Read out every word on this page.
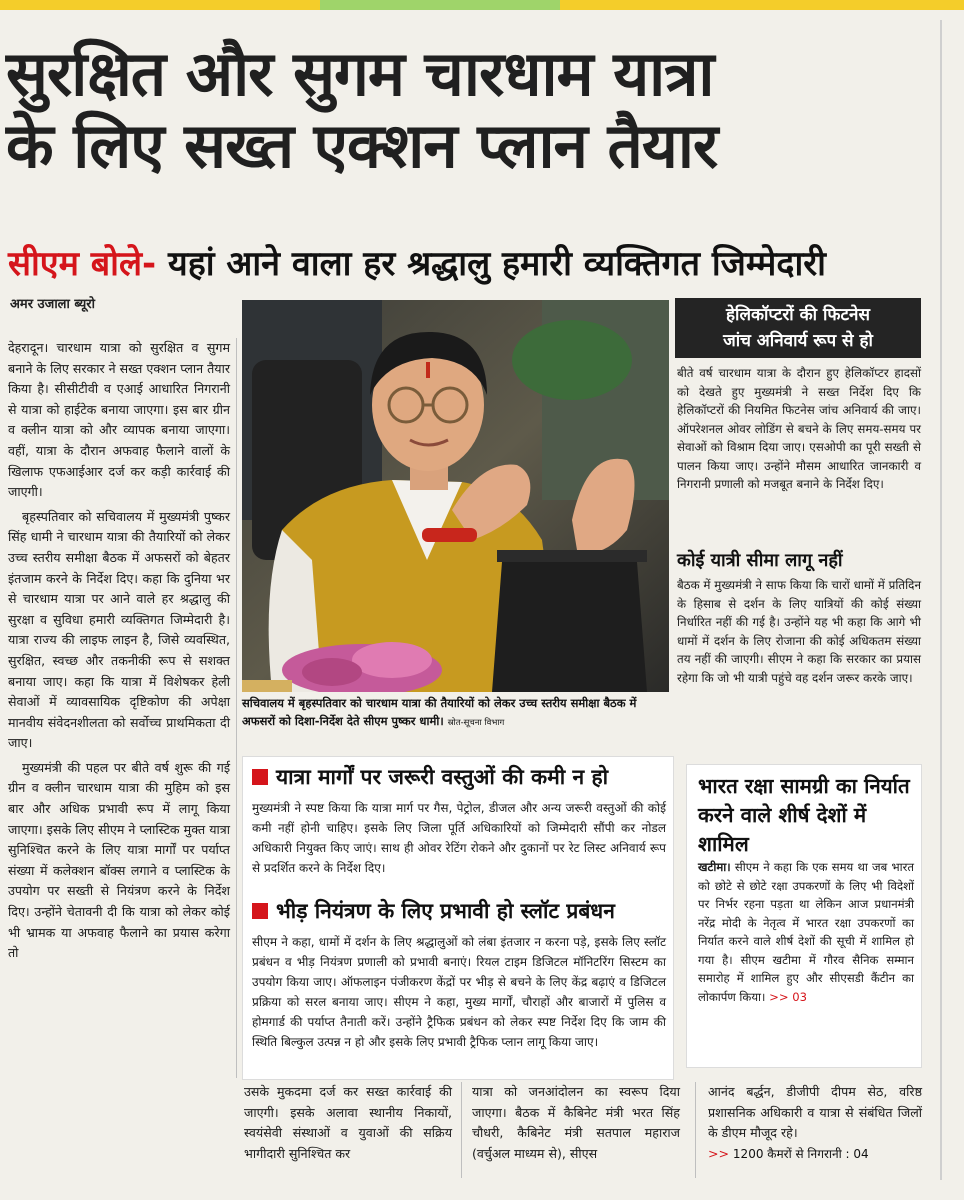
सुरक्षित और सुगम चारधाम यात्रा
के लिए सख्त एक्शन प्लान तैयार
सीएम बोले- यहां आने वाला हर श्रद्धालु हमारी व्यक्तिगत जिम्मेदारी
अमर उजाला ब्यूरो

देहरादून। चारधाम यात्रा को सुरक्षित व सुगम बनाने के लिए सरकार ने सख्त एक्शन प्लान तैयार किया है। सीसीटीवी व एआई आधारित निगरानी से यात्रा को हाईटेक बनाया जाएगा। इस बार ग्रीन व क्लीन यात्रा को और व्यापक बनाया जाएगा। वहीं, यात्रा के दौरान अफवाह फैलाने वालों के खिलाफ एफआईआर दर्ज कर कड़ी कार्रवाई की जाएगी।

बृहस्पतिवार को सचिवालय में मुख्यमंत्री पुष्कर सिंह धामी ने चारधाम यात्रा की तैयारियों को लेकर उच्च स्तरीय समीक्षा बैठक में अफसरों को बेहतर इंतजाम करने के निर्देश दिए। कहा कि दुनिया भर से चारधाम यात्रा पर आने वाले हर श्रद्धालु की सुरक्षा व सुविधा हमारी व्यक्तिगत जिम्मेदारी है। यात्रा राज्य की लाइफ लाइन है, जिसे व्यवस्थित, सुरक्षित, स्वच्छ और तकनीकी रूप से सशक्त बनाया जाए। कहा कि यात्रा में विशेषकर हेली सेवाओं में व्यावसायिक दृष्टिकोण की अपेक्षा मानवीय संवेदनशीलता को सर्वोच्च प्राथमिकता दी जाए।

मुख्यमंत्री की पहल पर बीते वर्ष शुरू की गई ग्रीन व क्लीन चारधाम यात्रा की मुहिम को इस बार और अधिक प्रभावी रूप में लागू किया जाएगा। इसके लिए सीएम ने प्लास्टिक मुक्त यात्रा सुनिश्चित करने के लिए यात्रा मार्गों पर पर्याप्त संख्या में कलेक्शन बॉक्स लगाने व प्लास्टिक के उपयोग पर सख्ती से नियंत्रण करने के निर्देश दिए। उन्होंने चेतावनी दी कि यात्रा को लेकर कोई भी भ्रामक या अफवाह फैलाने का प्रयास करेगा तो

सचिवालय में बृहस्पतिवार को चारधाम यात्रा की तैयारियों को लेकर उच्च स्तरीय समीक्षा बैठक में अफसरों को दिशा-निर्देश देते सीएम पुष्कर धामी। स्रोत-सूचना विभाग
हेलिकॉप्टरों की फिटनेस
जांच अनिवार्य रूप से हो
बीते वर्ष चारधाम यात्रा के दौरान हुए हेलिकॉप्टर हादसों को देखते हुए मुख्यमंत्री ने सख्त निर्देश दिए कि हेलिकॉप्टरों की नियमित फिटनेस जांच अनिवार्य की जाए। ऑपरेशनल ओवर लोडिंग से बचने के लिए समय-समय पर सेवाओं को विश्राम दिया जाए। एसओपी का पूरी सख्ती से पालन किया जाए। उन्होंने मौसम आधारित जानकारी व निगरानी प्रणाली को मजबूत बनाने के निर्देश दिए।
कोई यात्री सीमा लागू नहीं
बैठक में मुख्यमंत्री ने साफ किया कि चारों धामों में प्रतिदिन के हिसाब से दर्शन के लिए यात्रियों की कोई संख्या निर्धारित नहीं की गई है। उन्होंने यह भी कहा कि आगे भी धामों में दर्शन के लिए रोजाना की कोई अधिकतम संख्या तय नहीं की जाएगी। सीएम ने कहा कि सरकार का प्रयास रहेगा कि जो भी यात्री पहुंचे वह दर्शन जरूर करके जाए।
यात्रा मार्गों पर जरूरी वस्तुओं की कमी न हो
मुख्यमंत्री ने स्पष्ट किया कि यात्रा मार्ग पर गैस, पेट्रोल, डीजल और अन्य जरूरी वस्तुओं की कोई कमी नहीं होनी चाहिए। इसके लिए जिला पूर्ति अधिकारियों को जिम्मेदारी सौंपी कर नोडल अधिकारी नियुक्त किए जाएं। साथ ही ओवर रेटिंग रोकने और दुकानों पर रेट लिस्ट अनिवार्य रूप से प्रदर्शित करने के निर्देश दिए।
भीड़ नियंत्रण के लिए प्रभावी हो स्लॉट प्रबंधन
सीएम ने कहा, धामों में दर्शन के लिए श्रद्धालुओं को लंबा इंतजार न करना पड़े, इसके लिए स्लॉट प्रबंधन व भीड़ नियंत्रण प्रणाली को प्रभावी बनाएं। रियल टाइम डिजिटल मॉनिटरिंग सिस्टम का उपयोग किया जाए। ऑफलाइन पंजीकरण केंद्रों पर भीड़ से बचने के लिए केंद्र बढ़ाएं व डिजिटल प्रक्रिया को सरल बनाया जाए। सीएम ने कहा, मुख्य मार्गों, चौराहों और बाजारों में पुलिस व होमगार्ड की पर्याप्त तैनाती करें। उन्होंने ट्रैफिक प्रबंधन को लेकर स्पष्ट निर्देश दिए कि जाम की स्थिति बिल्कुल उत्पन्न न हो और इसके लिए प्रभावी ट्रैफिक प्लान लागू किया जाए।
भारत रक्षा सामग्री का निर्यात करने वाले शीर्ष देशों में शामिल
खटीमा। सीएम ने कहा कि एक समय था जब भारत को छोटे से छोटे रक्षा उपकरणों के लिए भी विदेशों पर निर्भर रहना पड़ता था लेकिन आज प्रधानमंत्री नरेंद्र मोदी के नेतृत्व में भारत रक्षा उपकरणों का निर्यात करने वाले शीर्ष देशों की सूची में शामिल हो गया है। सीएम खटीमा में गौरव सैनिक सम्मान समारोह में शामिल हुए और सीएसडी कैंटीन का लोकार्पण किया। >> 03
उसके मुकदमा दर्ज कर सख्त कार्रवाई की जाएगी। इसके अलावा स्थानीय निकायों, स्वयंसेवी संस्थाओं व युवाओं की सक्रिय भागीदारी सुनिश्चित कर
यात्रा को जनआंदोलन का स्वरूप दिया जाएगा। बैठक में कैबिनेट मंत्री भरत सिंह चौधरी, कैबिनेट मंत्री सतपाल महाराज (वर्चुअल माध्यम से), सीएस
आनंद बर्द्धन, डीजीपी दीपम सेठ, वरिष्ठ प्रशासनिक अधिकारी व यात्रा से संबंधित जिलों के डीएम मौजूद रहे।
>> 1200 कैमरों से निगरानी : 04
